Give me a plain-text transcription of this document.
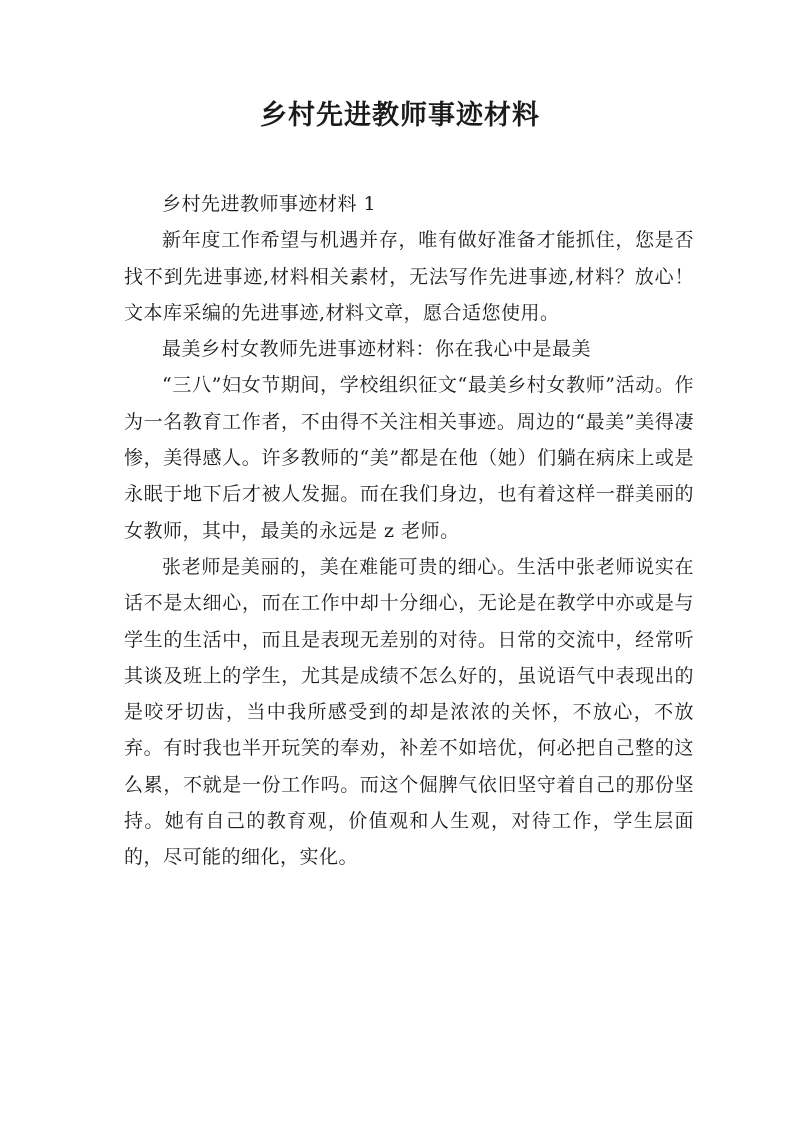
乡村先进教师事迹材料

乡村先进教师事迹材料 1

新年度工作希望与机遇并存，唯有做好准备才能抓住，您是否找不到先进事迹,材料相关素材，无法写作先进事迹,材料？放心！文本库采编的先进事迹,材料文章，愿合适您使用。

最美乡村女教师先进事迹材料：你在我心中是最美

“三八”妇女节期间，学校组织征文“最美乡村女教师”活动。作为一名教育工作者，不由得不关注相关事迹。周边的“最美”美得凄惨，美得感人。许多教师的“美”都是在他（她）们躺在病床上或是永眠于地下后才被人发掘。而在我们身边，也有着这样一群美丽的女教师，其中，最美的永远是 z 老师。

张老师是美丽的，美在难能可贵的细心。生活中张老师说实在话不是太细心，而在工作中却十分细心，无论是在教学中亦或是与学生的生活中，而且是表现无差别的对待。日常的交流中，经常听其谈及班上的学生，尤其是成绩不怎么好的，虽说语气中表现出的是咬牙切齿，当中我所感受到的却是浓浓的关怀，不放心，不放弃。有时我也半开玩笑的奉劝，补差不如培优，何必把自己整的这么累，不就是一份工作吗。而这个倔脾气依旧坚守着自己的那份坚持。她有自己的教育观，价值观和人生观，对待工作，学生层面的，尽可能的细化，实化。
